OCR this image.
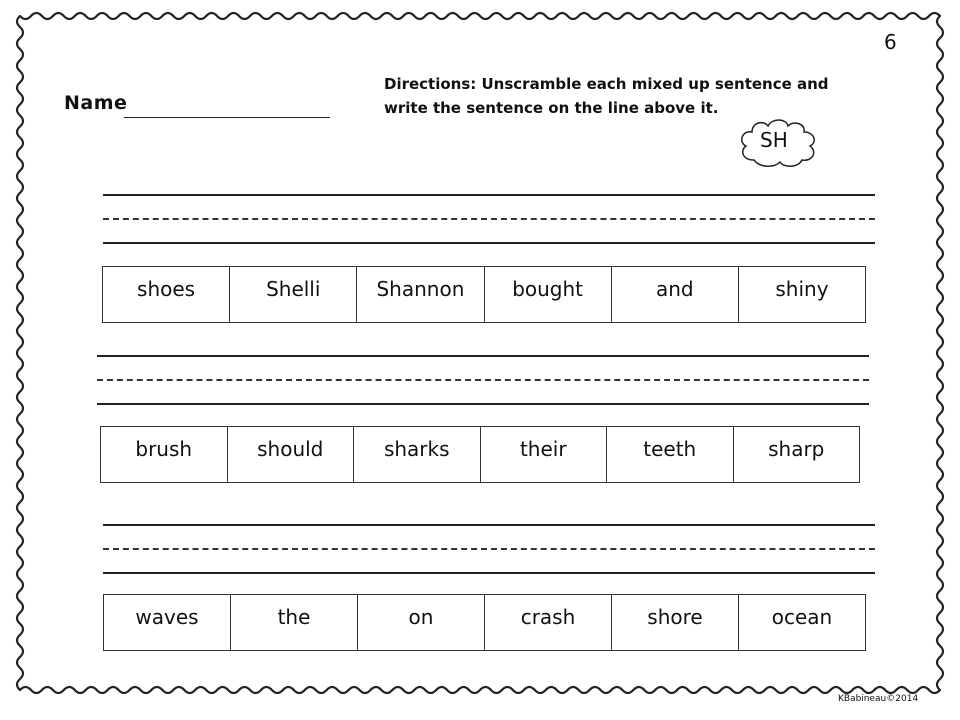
6
Name
Directions: Unscramble each mixed up sentence and write the sentence on the line above it.
SH
shoes	Shelli	Shannon	bought	and	shiny
brush	should	sharks	their	teeth	sharp
waves	the	on	crash	shore	ocean
KBabineau©2014
